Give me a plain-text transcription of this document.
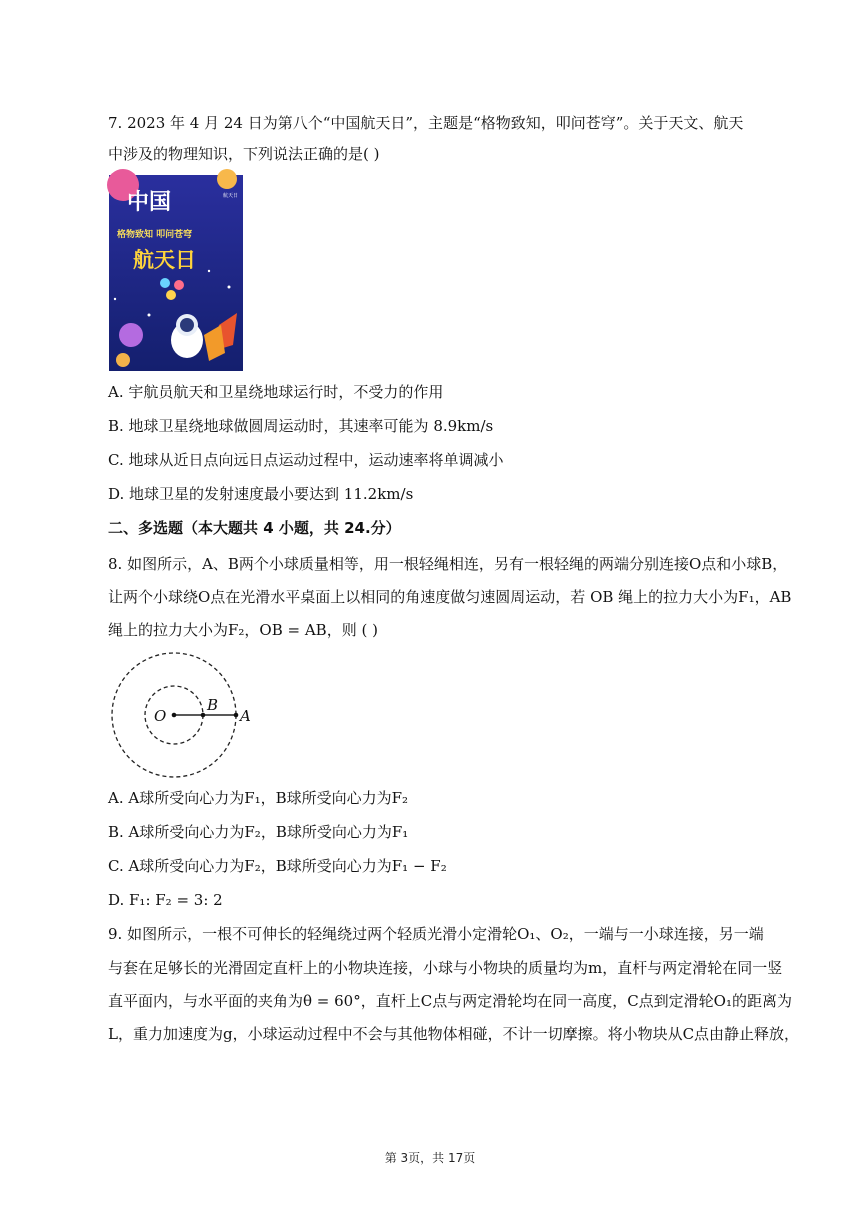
7. 2023 年 4 月 24 日为第八个“中国航天日”，主题是“格物致知，叩问苍穹”。关于天文、航天
中涉及的物理知识，下列说法正确的是( )
中国
格物致知 叩问苍穹
航天日
航天日
A. 宇航员航天和卫星绕地球运行时，不受力的作用
B. 地球卫星绕地球做圆周运动时，其速率可能为 8.9km/s
C. 地球从近日点向远日点运动过程中，运动速率将单调减小
D. 地球卫星的发射速度最小要达到 11.2km/s
二、多选题（本大题共 4 小题，共 24.分）
8. 如图所示，A、B两个小球质量相等，用一根轻绳相连，另有一根轻绳的两端分别连接O点和小球B，
让两个小球绕O点在光滑水平桌面上以相同的角速度做匀速圆周运动，若 OB 绳上的拉力大小为F₁，AB
绳上的拉力大小为F₂，OB = AB，则 ( )
O
B
A
A. A球所受向心力为F₁，B球所受向心力为F₂
B. A球所受向心力为F₂，B球所受向心力为F₁
C. A球所受向心力为F₂，B球所受向心力为F₁ − F₂
D. F₁: F₂ = 3: 2
9. 如图所示，一根不可伸长的轻绳绕过两个轻质光滑小定滑轮O₁、O₂，一端与一小球连接，另一端
与套在足够长的光滑固定直杆上的小物块连接，小球与小物块的质量均为m，直杆与两定滑轮在同一竖
直平面内，与水平面的夹角为θ = 60°，直杆上C点与两定滑轮均在同一高度，C点到定滑轮O₁的距离为
L，重力加速度为g，小球运动过程中不会与其他物体相碰，不计一切摩擦。将小物块从C点由静止释放，
第 3页，共 17页
